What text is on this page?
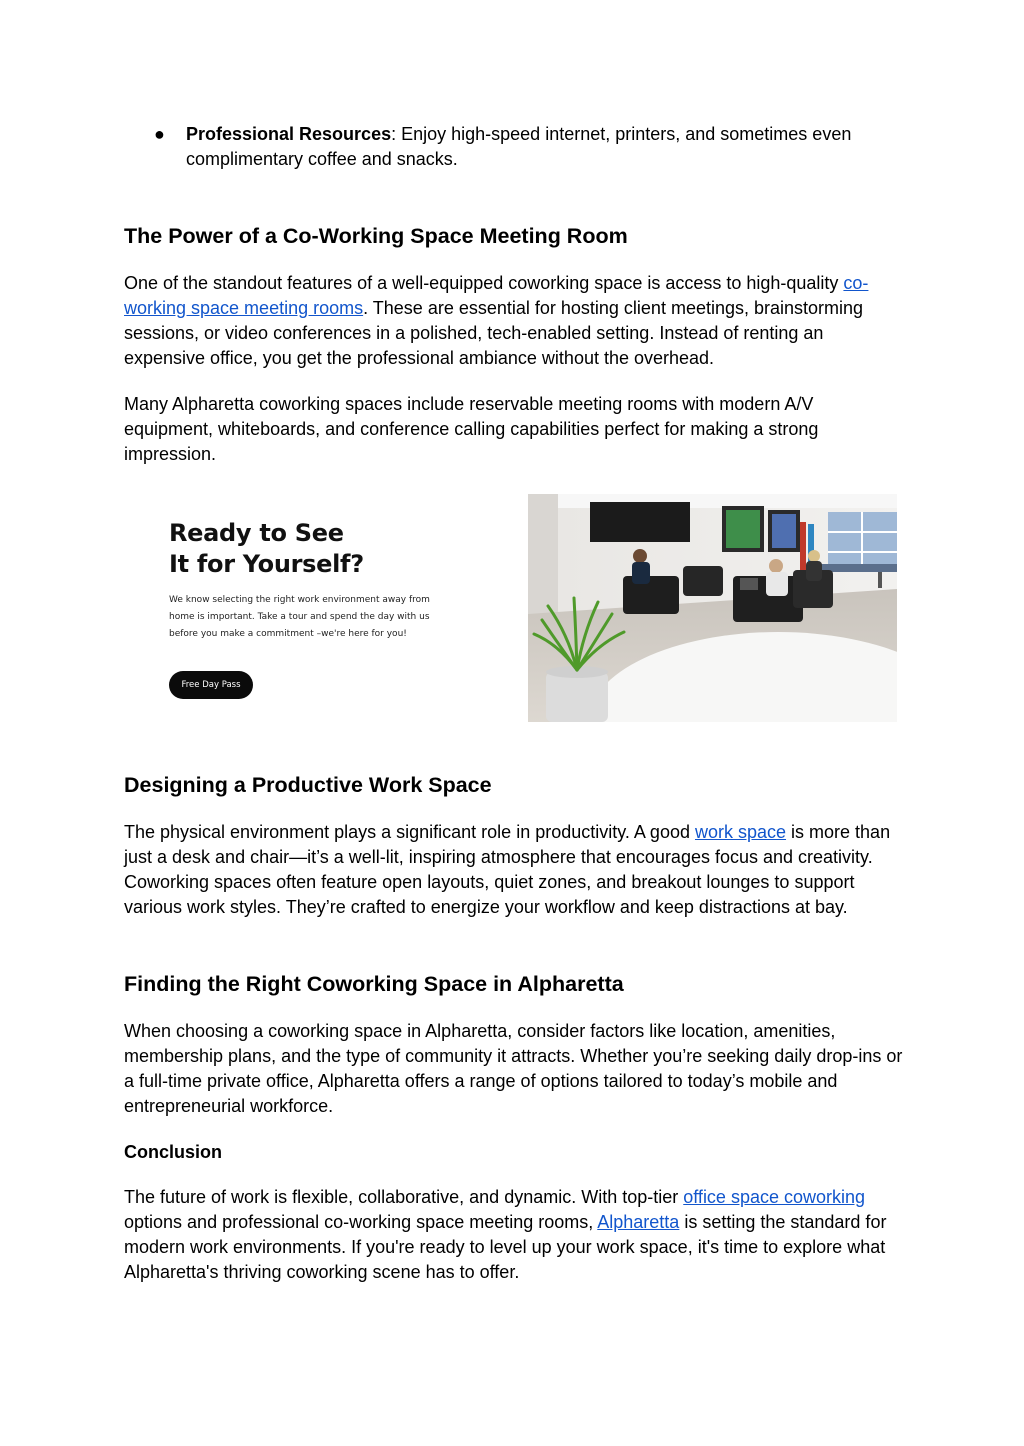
● Professional Resources: Enjoy high-speed internet, printers, and sometimes even complimentary coffee and snacks.
The Power of a Co-Working Space Meeting Room

One of the standout features of a well-equipped coworking space is access to high-quality co-working space meeting rooms. These are essential for hosting client meetings, brainstorming sessions, or video conferences in a polished, tech-enabled setting. Instead of renting an expensive office, you get the professional ambiance without the overhead.

Many Alpharetta coworking spaces include reservable meeting rooms with modern A/V equipment, whiteboards, and conference calling capabilities perfect for making a strong impression.

Ready to See
It for Yourself?
We know selecting the right work environment away from home is important. Take a tour and spend the day with us before you make a commitment –we're here for you!
Free Day Pass
Designing a Productive Work Space

The physical environment plays a significant role in productivity. A good work space is more than just a desk and chair—it’s a well-lit, inspiring atmosphere that encourages focus and creativity. Coworking spaces often feature open layouts, quiet zones, and breakout lounges to support various work styles. They’re crafted to energize your workflow and keep distractions at bay.

Finding the Right Coworking Space in Alpharetta

When choosing a coworking space in Alpharetta, consider factors like location, amenities, membership plans, and the type of community it attracts. Whether you’re seeking daily drop-ins or a full-time private office, Alpharetta offers a range of options tailored to today’s mobile and entrepreneurial workforce.

Conclusion

The future of work is flexible, collaborative, and dynamic. With top-tier office space coworking options and professional co-working space meeting rooms, Alpharetta is setting the standard for modern work environments. If you're ready to level up your work space, it's time to explore what Alpharetta's thriving coworking scene has to offer.
